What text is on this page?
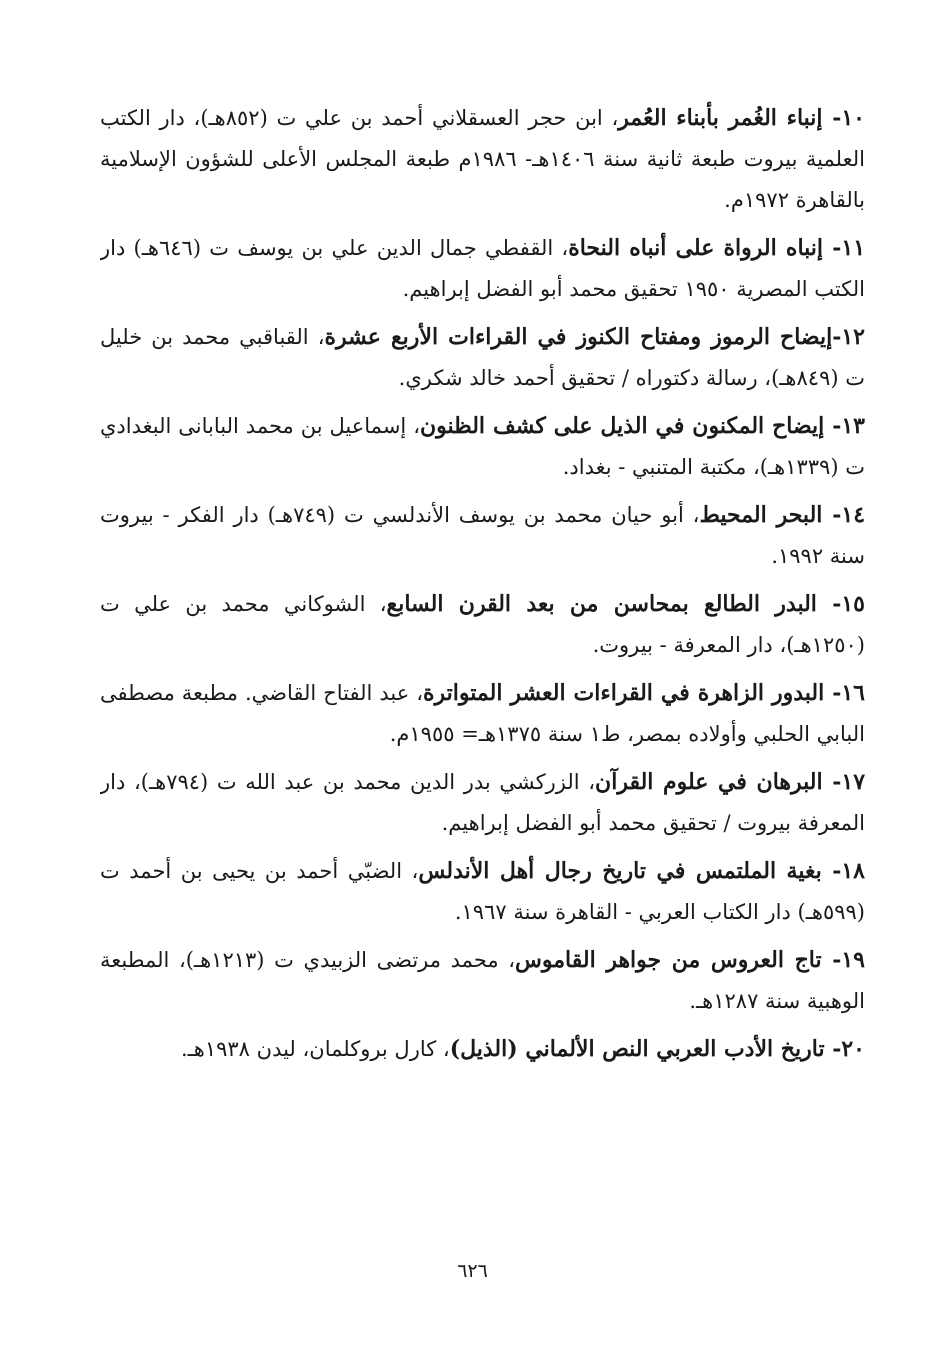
١٠- إنباء الغُمر بأبناء العُمر، ابن حجر العسقلاني أحمد بن علي ت (٨٥٢هـ)، دار الكتب العلمية بيروت طبعة ثانية سنة ١٤٠٦هـ- ١٩٨٦م طبعة المجلس الأعلى للشؤون الإسلامية بالقاهرة ١٩٧٢م.

١١- إنباه الرواة على أنباه النحاة، القفطي جمال الدين علي بن يوسف ت (٦٤٦هـ) دار الكتب المصرية ١٩٥٠ تحقيق محمد أبو الفضل إبراهيم.

١٢-إيضاح الرموز ومفتاح الكنوز في القراءات الأربع عشرة، القباقبي محمد بن خليل ت (٨٤٩هـ)، رسالة دكتوراه / تحقيق أحمد خالد شكري.

١٣- إيضاح المكنون في الذيل على كشف الظنون، إسماعيل بن محمد البابانى البغدادي ت (١٣٣٩هـ)، مكتبة المتنبي - بغداد.

١٤- البحر المحيط، أبو حيان محمد بن يوسف الأندلسي ت (٧٤٩هـ) دار الفكر - بيروت سنة ١٩٩٢.

١٥- البدر الطالع بمحاسن من بعد القرن السابع، الشوكاني محمد بن علي ت (١٢٥٠هـ)، دار المعرفة - بيروت.

١٦- البدور الزاهرة في القراءات العشر المتواترة، عبد الفتاح القاضي. مطبعة مصطفى البابي الحلبي وأولاده بمصر، ط١ سنة ١٣٧٥هـ= ١٩٥٥م.

١٧- البرهان في علوم القرآن، الزركشي بدر الدين محمد بن عبد الله ت (٧٩٤هـ)، دار المعرفة بيروت / تحقيق محمد أبو الفضل إبراهيم.

١٨- بغية الملتمس في تاريخ رجال أهل الأندلس، الضبّي أحمد بن يحيى بن أحمد ت (٥٩٩هـ) دار الكتاب العربي - القاهرة سنة ١٩٦٧.

١٩- تاج العروس من جواهر القاموس، محمد مرتضى الزبيدي ت (١٢١٣هـ)، المطبعة الوهبية سنة ١٢٨٧هـ.

٢٠- تاريخ الأدب العربي النص الألماني (الذيل)، كارل بروكلمان، ليدن ١٩٣٨هـ.

٦٢٦
